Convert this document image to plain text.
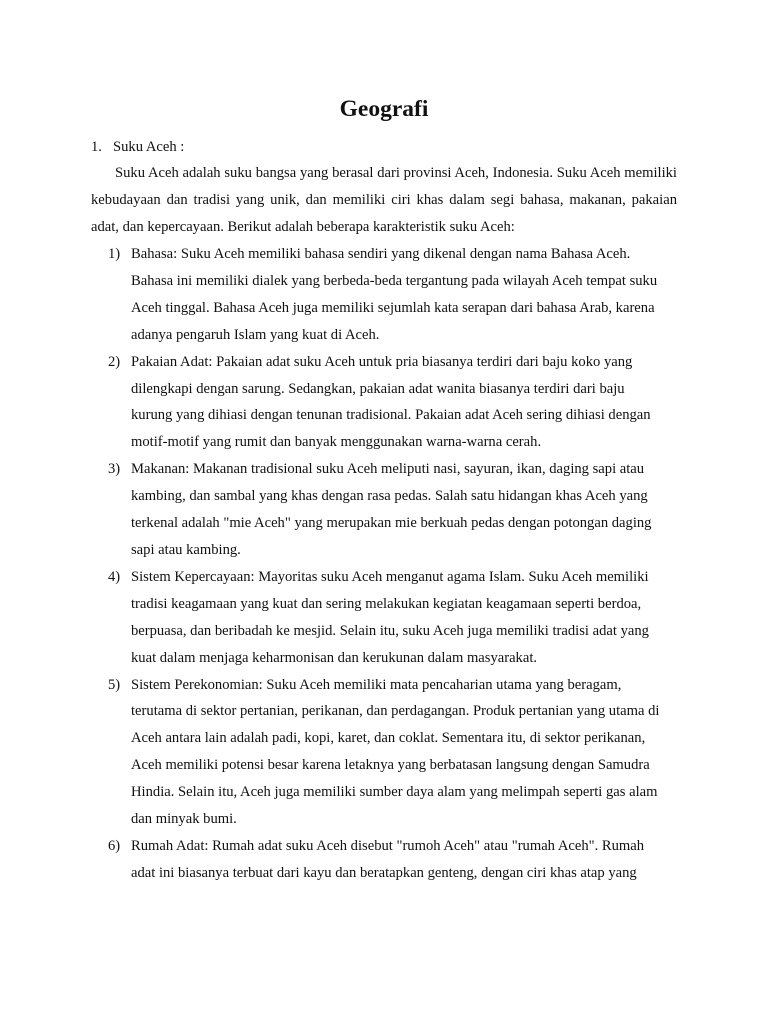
Geografi
1. Suku Aceh :

Suku Aceh adalah suku bangsa yang berasal dari provinsi Aceh, Indonesia. Suku Aceh memiliki kebudayaan dan tradisi yang unik, dan memiliki ciri khas dalam segi bahasa, makanan, pakaian adat, dan kepercayaan. Berikut adalah beberapa karakteristik suku Aceh:

1) Bahasa: Suku Aceh memiliki bahasa sendiri yang dikenal dengan nama Bahasa Aceh.
Bahasa ini memiliki dialek yang berbeda-beda tergantung pada wilayah Aceh tempat suku
Aceh tinggal. Bahasa Aceh juga memiliki sejumlah kata serapan dari bahasa Arab, karena
adanya pengaruh Islam yang kuat di Aceh.
2) Pakaian Adat: Pakaian adat suku Aceh untuk pria biasanya terdiri dari baju koko yang
dilengkapi dengan sarung. Sedangkan, pakaian adat wanita biasanya terdiri dari baju
kurung yang dihiasi dengan tenunan tradisional. Pakaian adat Aceh sering dihiasi dengan
motif-motif yang rumit dan banyak menggunakan warna-warna cerah.
3) Makanan: Makanan tradisional suku Aceh meliputi nasi, sayuran, ikan, daging sapi atau
kambing, dan sambal yang khas dengan rasa pedas. Salah satu hidangan khas Aceh yang
terkenal adalah "mie Aceh" yang merupakan mie berkuah pedas dengan potongan daging
sapi atau kambing.
4) Sistem Kepercayaan: Mayoritas suku Aceh menganut agama Islam. Suku Aceh memiliki
tradisi keagamaan yang kuat dan sering melakukan kegiatan keagamaan seperti berdoa,
berpuasa, dan beribadah ke mesjid. Selain itu, suku Aceh juga memiliki tradisi adat yang
kuat dalam menjaga keharmonisan dan kerukunan dalam masyarakat.
5) Sistem Perekonomian: Suku Aceh memiliki mata pencaharian utama yang beragam,
terutama di sektor pertanian, perikanan, dan perdagangan. Produk pertanian yang utama di
Aceh antara lain adalah padi, kopi, karet, dan coklat. Sementara itu, di sektor perikanan,
Aceh memiliki potensi besar karena letaknya yang berbatasan langsung dengan Samudra
Hindia. Selain itu, Aceh juga memiliki sumber daya alam yang melimpah seperti gas alam
dan minyak bumi.
6) Rumah Adat: Rumah adat suku Aceh disebut "rumoh Aceh" atau "rumah Aceh". Rumah
adat ini biasanya terbuat dari kayu dan beratapkan genteng, dengan ciri khas atap yang
